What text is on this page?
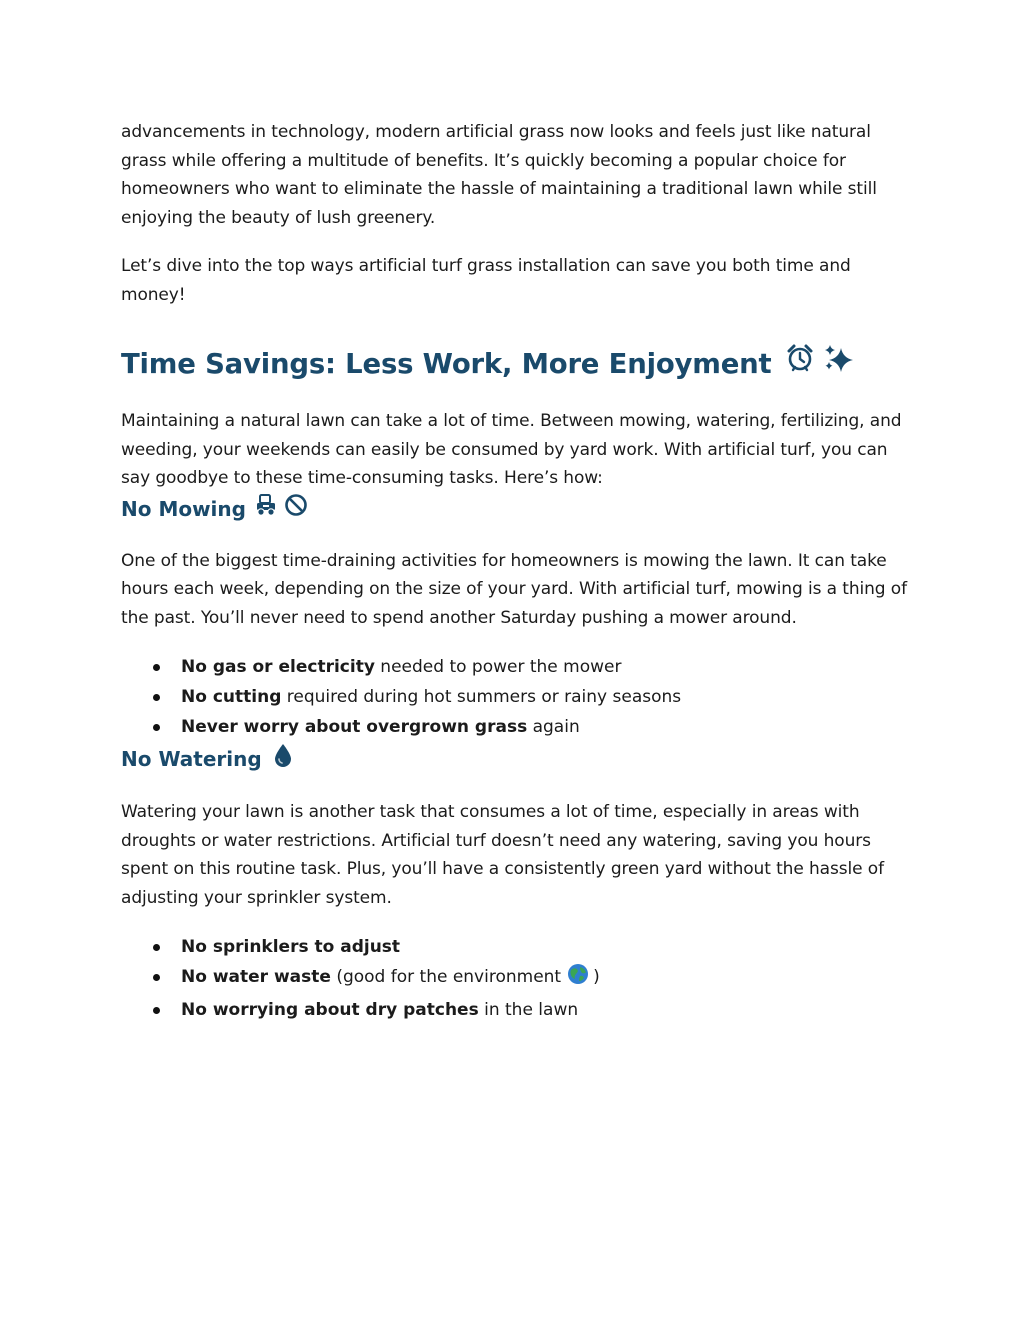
advancements in technology, modern artificial grass now looks and feels just like natural grass while offering a multitude of benefits. It’s quickly becoming a popular choice for homeowners who want to eliminate the hassle of maintaining a traditional lawn while still enjoying the beauty of lush greenery.

Let’s dive into the top ways artificial turf grass installation can save you both time and money!

Time Savings: Less Work, More Enjoyment

Maintaining a natural lawn can take a lot of time. Between mowing, watering, fertilizing, and weeding, your weekends can easily be consumed by yard work. With artificial turf, you can say goodbye to these time-consuming tasks. Here’s how:

No Mowing

One of the biggest time-draining activities for homeowners is mowing the lawn. It can take hours each week, depending on the size of your yard. With artificial turf, mowing is a thing of the past. You’ll never need to spend another Saturday pushing a mower around.

No gas or electricity needed to power the mower
No cutting required during hot summers or rainy seasons
Never worry about overgrown grass again
No Watering

Watering your lawn is another task that consumes a lot of time, especially in areas with droughts or water restrictions. Artificial turf doesn’t need any watering, saving you hours spent on this routine task. Plus, you’ll have a consistently green yard without the hassle of adjusting your sprinkler system.

No sprinklers to adjust
No water waste (good for the environment )
No worrying about dry patches in the lawn
